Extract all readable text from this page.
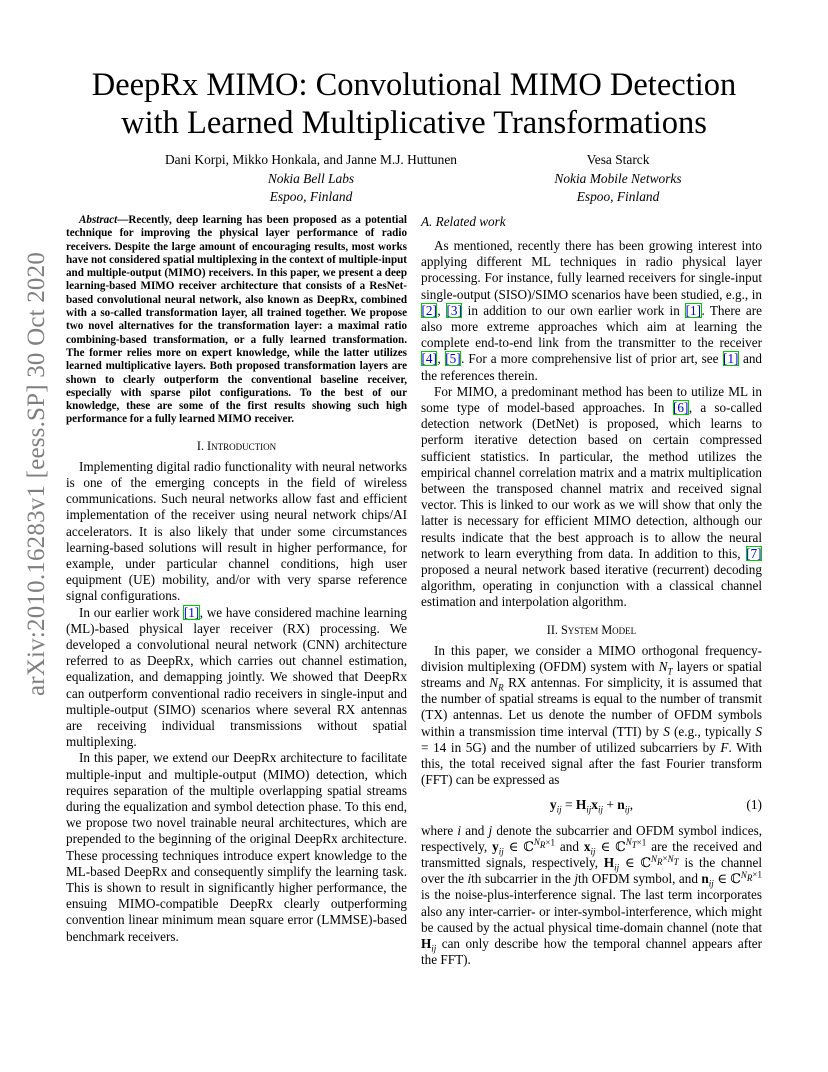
arXiv:2010.16283v1 [eess.SP] 30 Oct 2020
DeepRx MIMO: Convolutional MIMO Detection
with Learned Multiplicative Transformations
Dani Korpi, Mikko Honkala, and Janne M.J. Huttunen
Nokia Bell Labs
Espoo, Finland
Vesa Starck
Nokia Mobile Networks
Espoo, Finland

Abstract—Recently, deep learning has been proposed as a potential technique for improving the physical layer performance of radio receivers. Despite the large amount of encouraging results, most works have not considered spatial multiplexing in the context of multiple-input and multiple-output (MIMO) receivers. In this paper, we present a deep learning-based MIMO receiver architecture that consists of a ResNet-based convolutional neural network, also known as DeepRx, combined with a so-called transformation layer, all trained together. We propose two novel alternatives for the transformation layer: a maximal ratio combining-based transformation, or a fully learned transformation. The former relies more on expert knowledge, while the latter utilizes learned multiplicative layers. Both proposed transformation layers are shown to clearly outperform the conventional baseline receiver, especially with sparse pilot configurations. To the best of our knowledge, these are some of the first results showing such high performance for a fully learned MIMO receiver.

I. Introduction

Implementing digital radio functionality with neural networks is one of the emerging concepts in the field of wireless communications. Such neural networks allow fast and efficient implementation of the receiver using neural network chips/AI accelerators. It is also likely that under some circumstances learning-based solutions will result in higher performance, for example, under particular channel conditions, high user equipment (UE) mobility, and/or with very sparse reference signal configurations.

In our earlier work [1], we have considered machine learning (ML)-based physical layer receiver (RX) processing. We developed a convolutional neural network (CNN) architecture referred to as DeepRx, which carries out channel estimation, equalization, and demapping jointly. We showed that DeepRx can outperform conventional radio receivers in single-input and multiple-output (SIMO) scenarios where several RX antennas are receiving individual transmissions without spatial multiplexing.

In this paper, we extend our DeepRx architecture to facilitate multiple-input and multiple-output (MIMO) detection, which requires separation of the multiple overlapping spatial streams during the equalization and symbol detection phase. To this end, we propose two novel trainable neural architectures, which are prepended to the beginning of the original DeepRx architecture. These processing techniques introduce expert knowledge to the ML-based DeepRx and consequently simplify the learning task. This is shown to result in significantly higher performance, the ensuing MIMO-compatible DeepRx clearly outperforming convention linear minimum mean square error (LMMSE)-based benchmark receivers.

A. Related work

As mentioned, recently there has been growing interest into applying different ML techniques in radio physical layer processing. For instance, fully learned receivers for single-input single-output (SISO)/SIMO scenarios have been studied, e.g., in [2], [3] in addition to our own earlier work in [1]. There are also more extreme approaches which aim at learning the complete end-to-end link from the transmitter to the receiver [4], [5]. For a more comprehensive list of prior art, see [1] and the references therein.

For MIMO, a predominant method has been to utilize ML in some type of model-based approaches. In [6], a so-called detection network (DetNet) is proposed, which learns to perform iterative detection based on certain compressed sufficient statistics. In particular, the method utilizes the empirical channel correlation matrix and a matrix multiplication between the transposed channel matrix and received signal vector. This is linked to our work as we will show that only the latter is necessary for efficient MIMO detection, although our results indicate that the best approach is to allow the neural network to learn everything from data. In addition to this, [7] proposed a neural network based iterative (recurrent) decoding algorithm, operating in conjunction with a classical channel estimation and interpolation algorithm.

II. System Model

In this paper, we consider a MIMO orthogonal frequency-division multiplexing (OFDM) system with $N_T$ layers or spatial streams and $N_R$ RX antennas. For simplicity, it is assumed that the number of spatial streams is equal to the number of transmit (TX) antennas. Let us denote the number of OFDM symbols within a transmission time interval (TTI) by S (e.g., typically S = 14 in 5G) and the number of utilized subcarriers by F. With this, the total received signal after the fast Fourier transform (FFT) can be expressed as

$y_{ij} = H_{ij}x_{ij} + n_{ij}$,	(1)

where i and j denote the subcarrier and OFDM symbol indices, respectively, $y_{ij}$ ∈ ℂ$^{N_R\times 1}$ and $x_{ij}$ ∈ ℂ$^{N_T\times 1}$ are the received and transmitted signals, respectively, $H_{ij}$ ∈ ℂ$^{N_R\times N_T}$ is the channel over the ith subcarrier in the jth OFDM symbol, and $n_{ij}$ ∈ ℂ$^{N_R\times 1}$ is the noise-plus-interference signal. The last term incorporates also any inter-carrier- or inter-symbol-interference, which might be caused by the actual physical time-domain channel (note that $H_{ij}$ can only describe how the temporal channel appears after the FFT).
